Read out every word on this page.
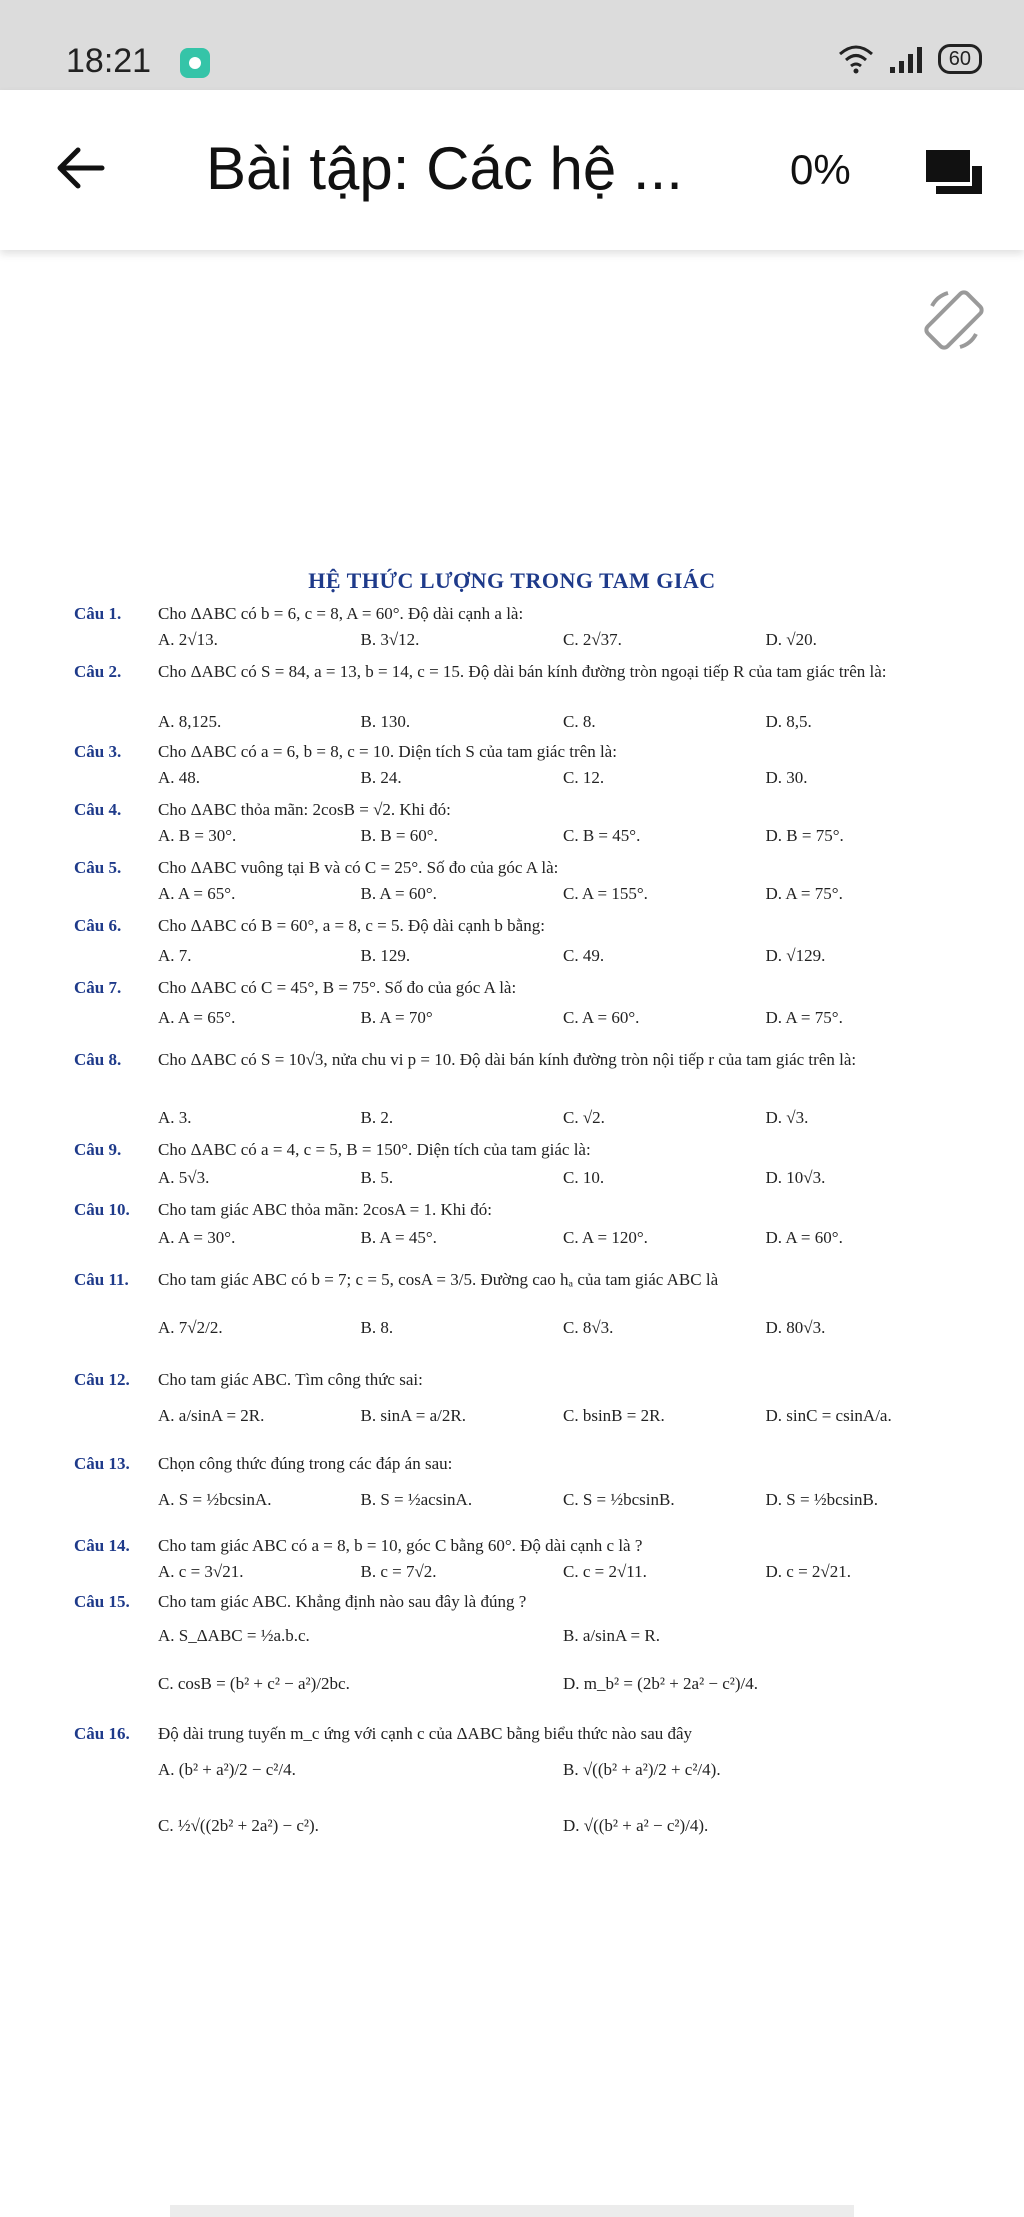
18:21	60
Bài tập: Các hệ ...	0%
HỆ THỨC LƯỢNG TRONG TAM GIÁC
Câu 1. Cho ΔABC có b = 6, c = 8, A = 60°. Độ dài cạnh a là:
A. 2√13.	B. 3√12.	C. 2√37.	D. √20.
Câu 2. Cho ΔABC có S = 84, a = 13, b = 14, c = 15. Độ dài bán kính đường tròn ngoại tiếp R của tam giác trên là:
A. 8,125.	B. 130.	C. 8.	D. 8,5.
Câu 3. Cho ΔABC có a = 6, b = 8, c = 10. Diện tích S của tam giác trên là:
A. 48.	B. 24.	C. 12.	D. 30.
Câu 4. Cho ΔABC thỏa mãn: 2cosB = √2. Khi đó:
A. B = 30°.	B. B = 60°.	C. B = 45°.	D. B = 75°.
Câu 5. Cho ΔABC vuông tại B và có C = 25°. Số đo của góc A là:
A. A = 65°.	B. A = 60°.	C. A = 155°.	D. A = 75°.
Câu 6. Cho ΔABC có B = 60°, a = 8, c = 5. Độ dài cạnh b bằng:
A. 7.	B. 129.	C. 49.	D. √129.
Câu 7. Cho ΔABC có C = 45°, B = 75°. Số đo của góc A là:
A. A = 65°.	B. A = 70°	C. A = 60°.	D. A = 75°.
Câu 8. Cho ΔABC có S = 10√3, nửa chu vi p = 10. Độ dài bán kính đường tròn nội tiếp r của tam giác trên là:
A. 3.	B. 2.	C. √2.	D. √3.
Câu 9. Cho ΔABC có a = 4, c = 5, B = 150°. Diện tích của tam giác là:
A. 5√3.	B. 5.	C. 10.	D. 10√3.
Câu 10. Cho tam giác ABC thỏa mãn: 2cosA = 1. Khi đó:
A. A = 30°.	B. A = 45°.	C. A = 120°.	D. A = 60°.
Câu 11. Cho tam giác ABC có b = 7; c = 5, cosA = 3/5. Đường cao hₐ của tam giác ABC là
A. 7√2/2.	B. 8.	C. 8√3.	D. 80√3.
Câu 12. Cho tam giác ABC. Tìm công thức sai:
A. a/sinA = 2R.	B. sinA = a/2R.	C. bsinB = 2R.	D. sinC = csinA/a.
Câu 13. Chọn công thức đúng trong các đáp án sau:
A. S = ½bcsinA.	B. S = ½acsinA.	C. S = ½bcsinB.	D. S = ½bcsinB.
Câu 14. Cho tam giác ABC có a = 8, b = 10, góc C bằng 60°. Độ dài cạnh c là ?
A. c = 3√21.	B. c = 7√2.	C. c = 2√11.	D. c = 2√21.
Câu 15. Cho tam giác ABC. Khẳng định nào sau đây là đúng ?
A. S_ΔABC = ½a.b.c.	B. a/sinA = R.
C. cosB = (b² + c² − a²)/2bc.	D. m_b² = (2b² + 2a² − c²)/4.
Câu 16. Độ dài trung tuyến m_c ứng với cạnh c của ΔABC bằng biểu thức nào sau đây
A. (b² + a²)/2 − c²/4.	B. √((b² + a²)/2 + c²/4).
C. ½√((2b² + 2a²) − c²).	D. √((b² + a² − c²)/4).
